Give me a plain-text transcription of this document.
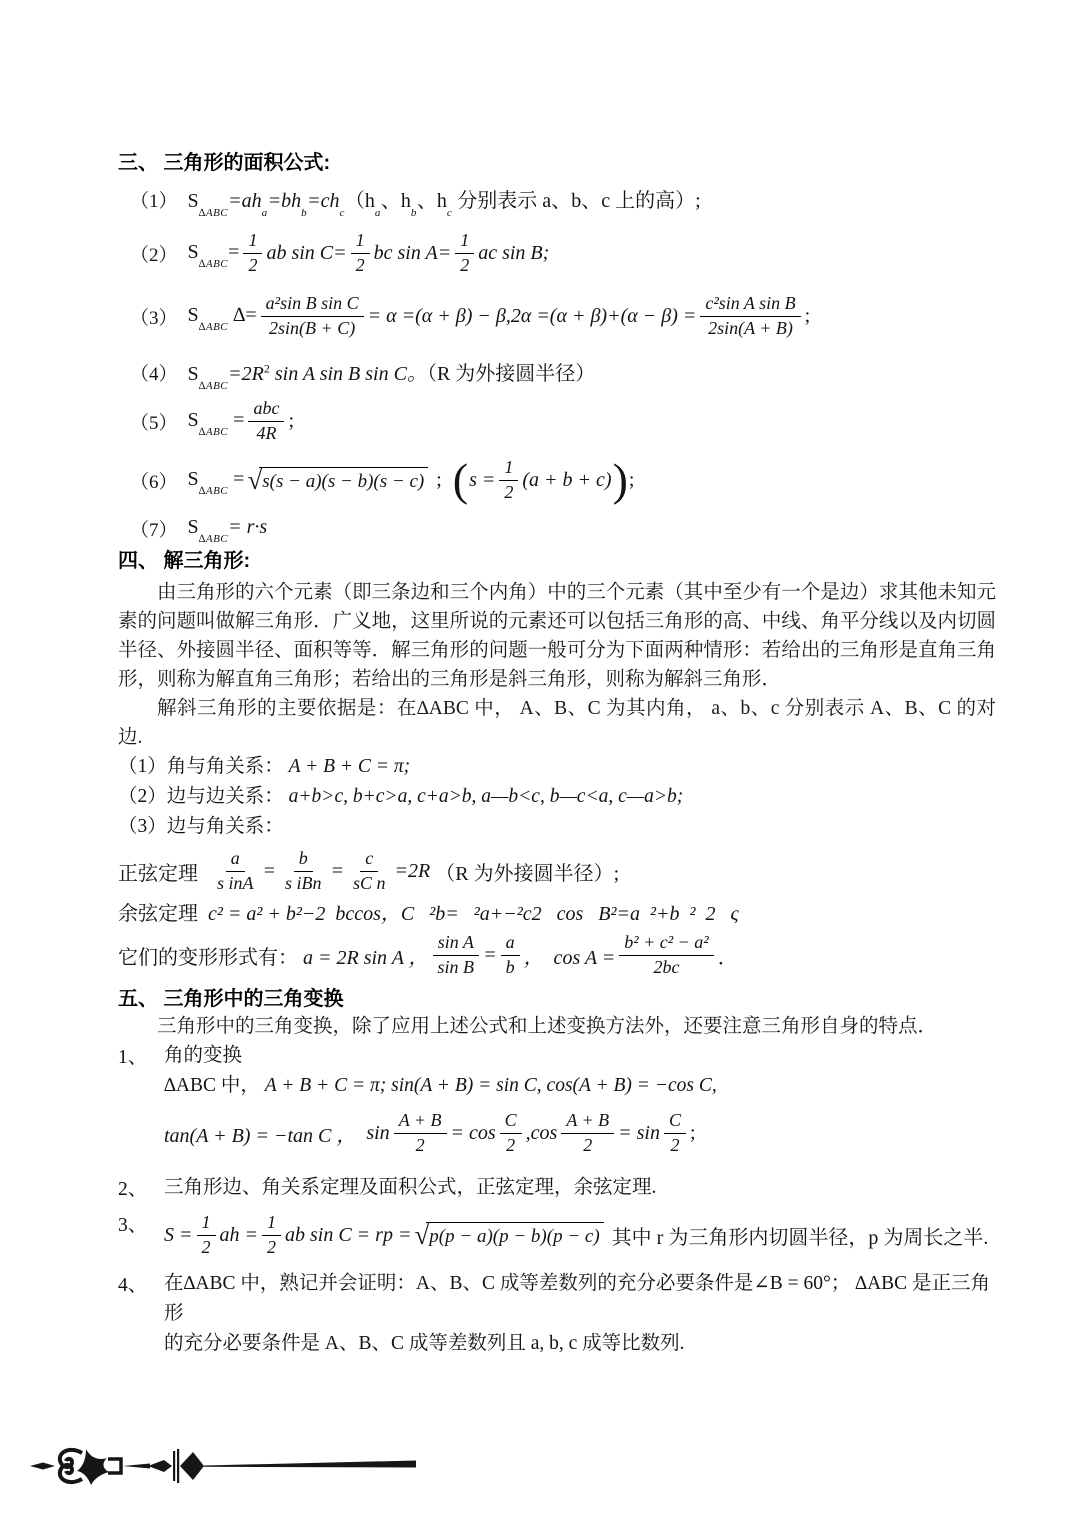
三、 三角形的面积公式:
（1） $S_{\Delta ABC}=ah_a=bh_b=ch_c(h_a$、$h_b$、$h_c$ 分别表示 a、b、c 上的高）;
（2） $S_{\Delta ABC}= \frac{1}{2}$ ab $\sin C= \frac{1}{2}$ bc $\sin A= \frac{1}{2}$ ac sin B;
（3） $S_{\Delta ABC}$ ∆= $\frac{\text{a²sin B sin C}}{2\sin(B + C)} = \alpha =(\alpha + \beta) - \beta,2\alpha =(\alpha + \beta)+(\alpha - \beta) = \frac{\text{c²sin A sin B}}{2\sin(A + B)}$ ;
（4） $S_{\Delta ABC}=2R^2$ sin A sin B sin C。（R 为外接圆半径）
（5） $S_{\Delta ABC} = \frac{\text{abc}}{4R}$ ;
（6） $S_{\Delta ABC}$ = √ s(s − a)(s − b)(s − c) ; ( $s = \frac{1}{2} (a + b + c)$ ) ;
（7） $S_{\Delta ABC}= r\cdot s$
四、 解三角形:

由三角形的六个元素（即三条边和三个内角）中的三个元素（其中至少有一个是边）求其他未知元素的问题叫做解三角形．广义地，这里所说的元素还可以包括三角形的高、中线、角平分线以及内切圆半径、外接圆半径、面积等等．解三角形的问题一般可分为下面两种情形：若给出的三角形是直角三角形，则称为解直角三角形；若给出的三角形是斜三角形，则称为解斜三角形．

解斜三角形的主要依据是：在∆ABC 中， A、B、C 为其内角， a、b、c 分别表示 A、B、C 的对边.

（1）角与角关系： A + B + C = π;
（2）边与边关系： a+b>c, b+c>a, c+a>b, a—b<c, b—c<a, c—a>b;
（3）边与角关系：
正弦定理
$\frac{a}{\text{s inA}} = \frac{b}{\text{s iBn}} = \frac{c}{\text{sC n}} =2R$ （R 为外接圆半径）;
余弦定理
c² = a² + b²−2  bccos，C   ²b=   ²a+−²c2   cos   B²=a  ²+b  ²  2   ς
它们的变形形式有： a = 2R sin A ， $\frac{\text{sin A}}{\text{sin B}} = \frac{a}{b}$ ，  $\cos A = \frac{\text{b² + c² − a²}}{2bc}$ ．
五、 三角形中的三角变换

三角形中的三角变换，除了应用上述公式和上述变换方法外，还要注意三角形自身的特点．

1、 角的变换
∆ABC 中， A + B + C = π; sin(A + B) = sin C, cos(A + B) = −cos C,
tan(A + B) = −tan C ， $\sin \frac{A + B}{2} = \cos \frac{C}{2} ,\cos \frac{A + B}{2} = \sin \frac{C}{2}$ ;
2、 三角形边、角关系定理及面积公式，正弦定理，余弦定理.
3、 $S = \frac{1}{2}$ ah = $\frac{1}{2}$ ab sin C = rp = √ p(p − a)(p − b)(p − c) 其中 r 为三角形内切圆半径，p 为周长之半.
4、 在∆ABC 中，熟记并会证明：A、B、C 成等差数列的充分必要条件是∠B = 60°； ∆ABC 是正三角形
的充分必要条件是 A、B、C 成等差数列且 a, b, c 成等比数列.
